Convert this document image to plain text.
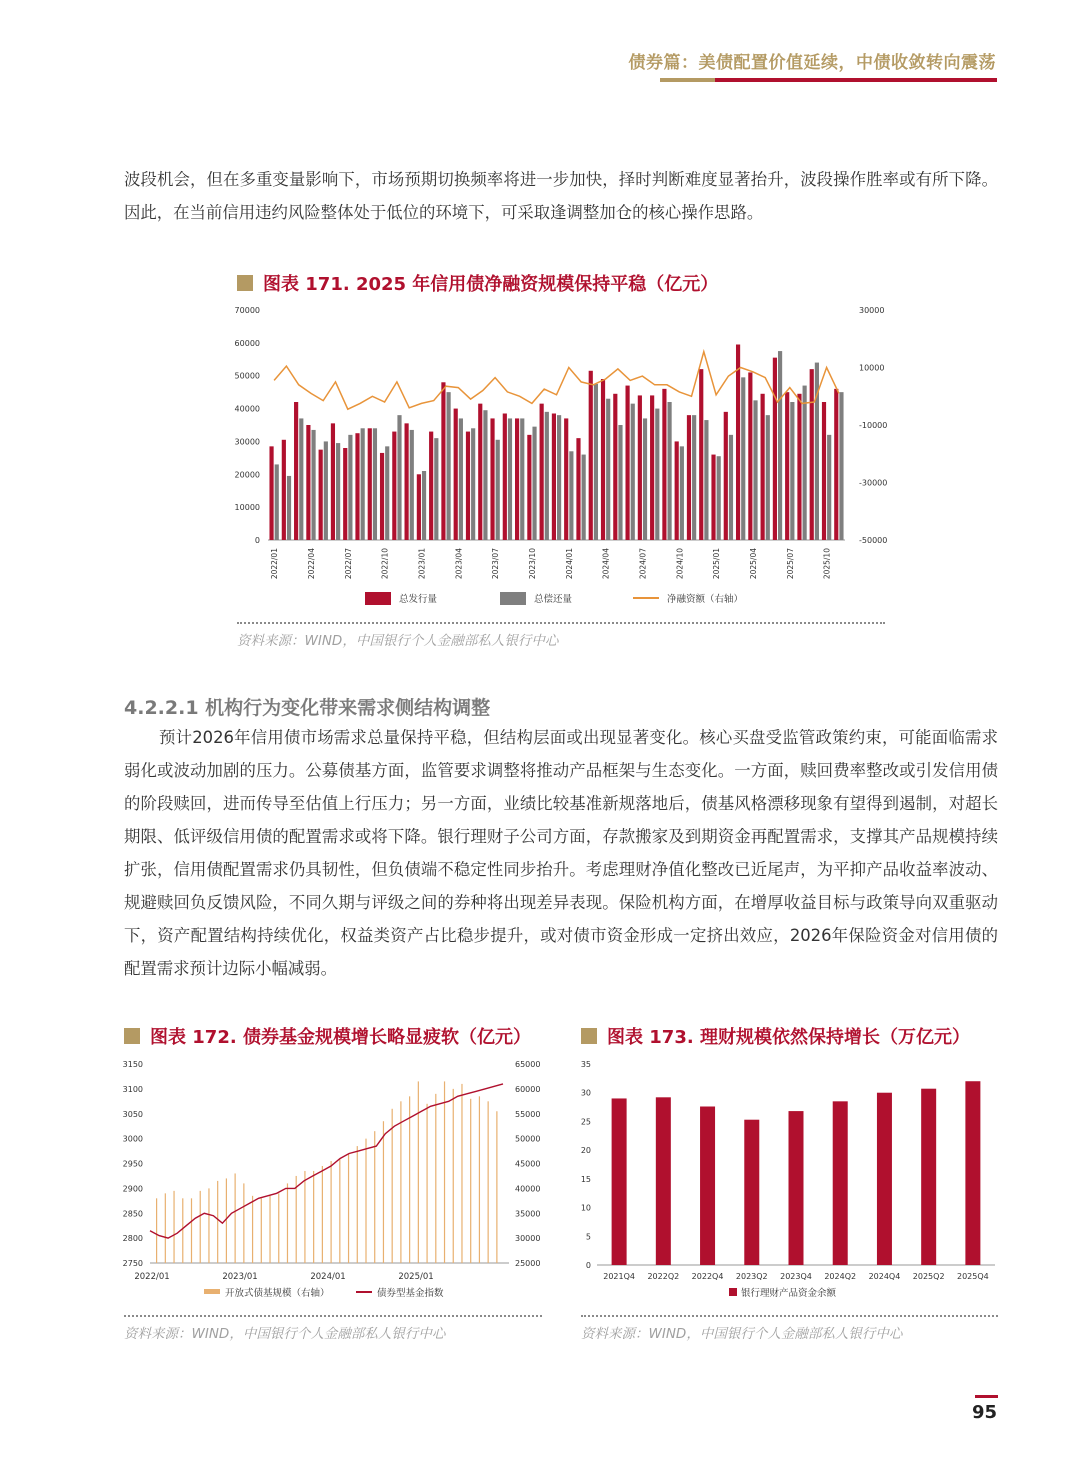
债券篇：美债配置价值延续，中债收敛转向震荡

波段机会，但在多重变量影响下，市场预期切换频率将进一步加快，择时判断难度显著抬升，波段操作胜率或有所下降。因此，在当前信用违约风险整体处于低位的环境下，可采取逢调整加仓的核心操作思路。

图表 171. 2025 年信用债净融资规模保持平稳（亿元）
70000
60000
50000
40000
30000
20000
10000
0
30000
10000
-10000
-30000
-50000
2022/01	2022/04	2022/07	2022/10	2023/01	2023/04	2023/07	2023/10	2024/01	2024/04	2024/07	2024/10	2025/01	2025/04	2025/07	2025/10
总发行量	总偿还量	净融资额（右轴）
资料来源：WIND，中国银行个人金融部私人银行中心
4.2.2.1 机构行为变化带来需求侧结构调整

预计2026年信用债市场需求总量保持平稳，但结构层面或出现显著变化。核心买盘受监管政策约束，可能面临需求弱化或波动加剧的压力。公募债基方面，监管要求调整将推动产品框架与生态变化。一方面，赎回费率整改或引发信用债的阶段赎回，进而传导至估值上行压力；另一方面，业绩比较基准新规落地后，债基风格漂移现象有望得到遏制，对超长期限、低评级信用债的配置需求或将下降。银行理财子公司方面，存款搬家及到期资金再配置需求，支撑其产品规模持续扩张，信用债配置需求仍具韧性，但负债端不稳定性同步抬升。考虑理财净值化整改已近尾声，为平抑产品收益率波动、规避赎回负反馈风险，不同久期与评级之间的券种将出现差异表现。保险机构方面，在增厚收益目标与政策导向双重驱动下，资产配置结构持续优化，权益类资产占比稳步提升，或对债市资金形成一定挤出效应，2026年保险资金对信用债的配置需求预计边际小幅减弱。

图表 172. 债券基金规模增长略显疲软（亿元）
3150
3100
3050
3000
2950
2900
2850
2800
2750
65000
60000
55000
50000
45000
40000
35000
30000
25000
2022/01	2023/01	2024/01	2025/01
开放式债基规模（右轴）	债券型基金指数
资料来源：WIND，中国银行个人金融部私人银行中心
图表 173. 理财规模依然保持增长（万亿元）
35
30
25
20
15
10
5
0
2021Q4 2022Q2 2022Q4 2023Q2 2023Q4 2024Q2 2024Q4 2025Q2 2025Q4
银行理财产品资金余额
资料来源：WIND，中国银行个人金融部私人银行中心
95
